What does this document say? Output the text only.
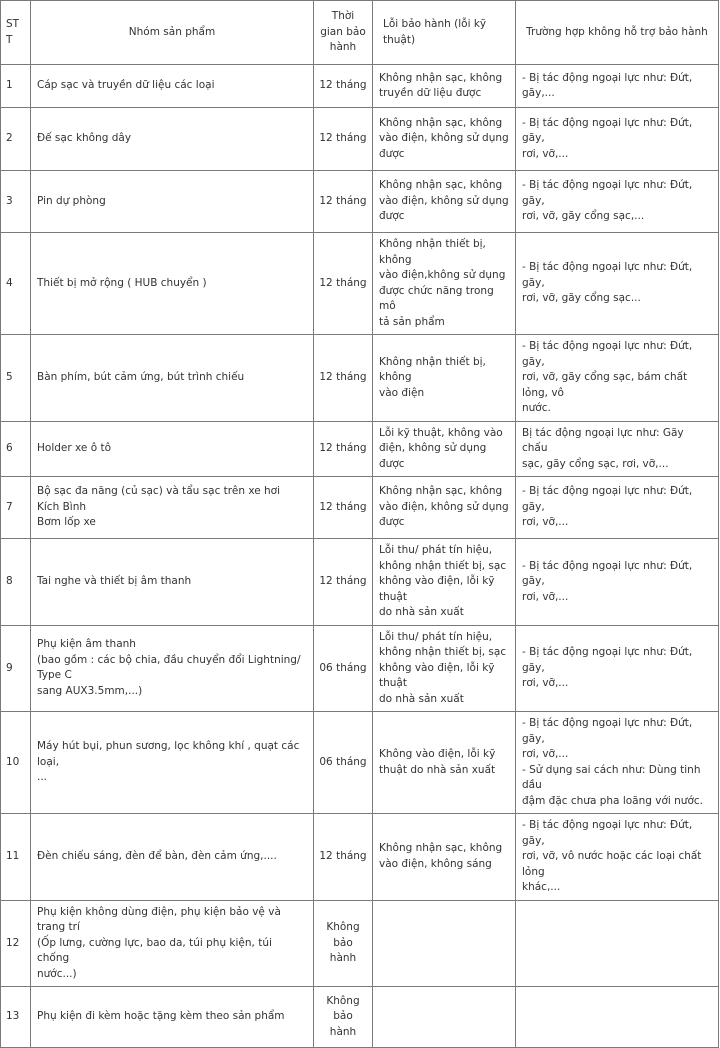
STT	Nhóm sản phẩm	Thời
gian bảo
hành	Lỗi bảo hành (lỗi kỹ thuật)	Trường hợp không hỗ trợ bảo hành
1	Cáp sạc và truyền dữ liệu các loại	12 tháng	Không nhận sạc, không
truyền dữ liệu được	- Bị tác động ngoại lực như: Đứt, gãy,...

2	Đế sạc không dây	12 tháng	Không nhận sạc, không
vào điện, không sử dụng
được	- Bị tác động ngoại lực như: Đứt, gãy,
rơi, vỡ,...

3	Pin dự phòng	12 tháng	Không nhận sạc, không
vào điện, không sử dụng
được	- Bị tác động ngoại lực như: Đứt, gãy,
rơi, vỡ, gãy cổng sạc,...

4	Thiết bị mở rộng ( HUB chuyển )	12 tháng	Không nhận thiết bị, không
vào điện,không sử dụng
được chức năng trong mô
tả sản phẩm	- Bị tác động ngoại lực như: Đứt, gãy,
rơi, vỡ, gãy cổng sạc...

5	Bàn phím, bút cảm ứng, bút trình chiếu	12 tháng	Không nhận thiết bị, không
vào điện	- Bị tác động ngoại lực như: Đứt, gãy,
rơi, vỡ, gãy cổng sạc, bám chất lỏng, vô
nước.

6	Holder xe ô tô	12 tháng	Lỗi kỹ thuật, không vào
điện, không sử dụng được	Bị tác động ngoại lực như: Gãy chấu
sạc, gãy cổng sạc, rơi, vỡ,...

7	Bộ sạc đa năng (củ sạc) và tẩu sạc trên xe hơi
Kích Bình
Bơm lốp xe	12 tháng	Không nhận sạc, không
vào điện, không sử dụng
được	- Bị tác động ngoại lực như: Đứt, gãy,
rơi, vỡ,...

8	Tai nghe và thiết bị âm thanh	12 tháng	Lỗi thu/ phát tín hiệu,
không nhận thiết bị, sạc
không vào điện, lỗi kỹ thuật
do nhà sản xuất	- Bị tác động ngoại lực như: Đứt, gãy,
rơi, vỡ,...

9	Phụ kiện âm thanh
(bao gồm : các bộ chia, đầu chuyển đổi Lightning/ Type C
sang AUX3.5mm,...)	06 tháng	Lỗi thu/ phát tín hiệu,
không nhận thiết bị, sạc
không vào điện, lỗi kỹ thuật
do nhà sản xuất	- Bị tác động ngoại lực như: Đứt, gãy,
rơi, vỡ,...

10	Máy hút bụi, phun sương, lọc không khí , quạt các loại,
...	06 tháng	Không vào điện, lỗi kỹ
thuật do nhà sản xuất	- Bị tác động ngoại lực như: Đứt, gãy,
rơi, vỡ,...
- Sử dụng sai cách như: Dùng tinh dầu
đậm đặc chưa pha loãng với nước.

11	Đèn chiếu sáng, đèn để bàn, đèn cảm ứng,....	12 tháng	Không nhận sạc, không
vào điện, không sáng	- Bị tác động ngoại lực như: Đứt, gãy,
rơi, vỡ, vô nước hoặc các loại chất lỏng
khác,...

12	Phụ kiện không dùng điện, phụ kiện bảo vệ và trang trí
(Ốp lưng, cường lực, bao da, túi phụ kiện, túi chống
nước...)	Không
bảo
hành		

13	Phụ kiện đi kèm hoặc tặng kèm theo sản phẩm	Không
bảo
hành		
